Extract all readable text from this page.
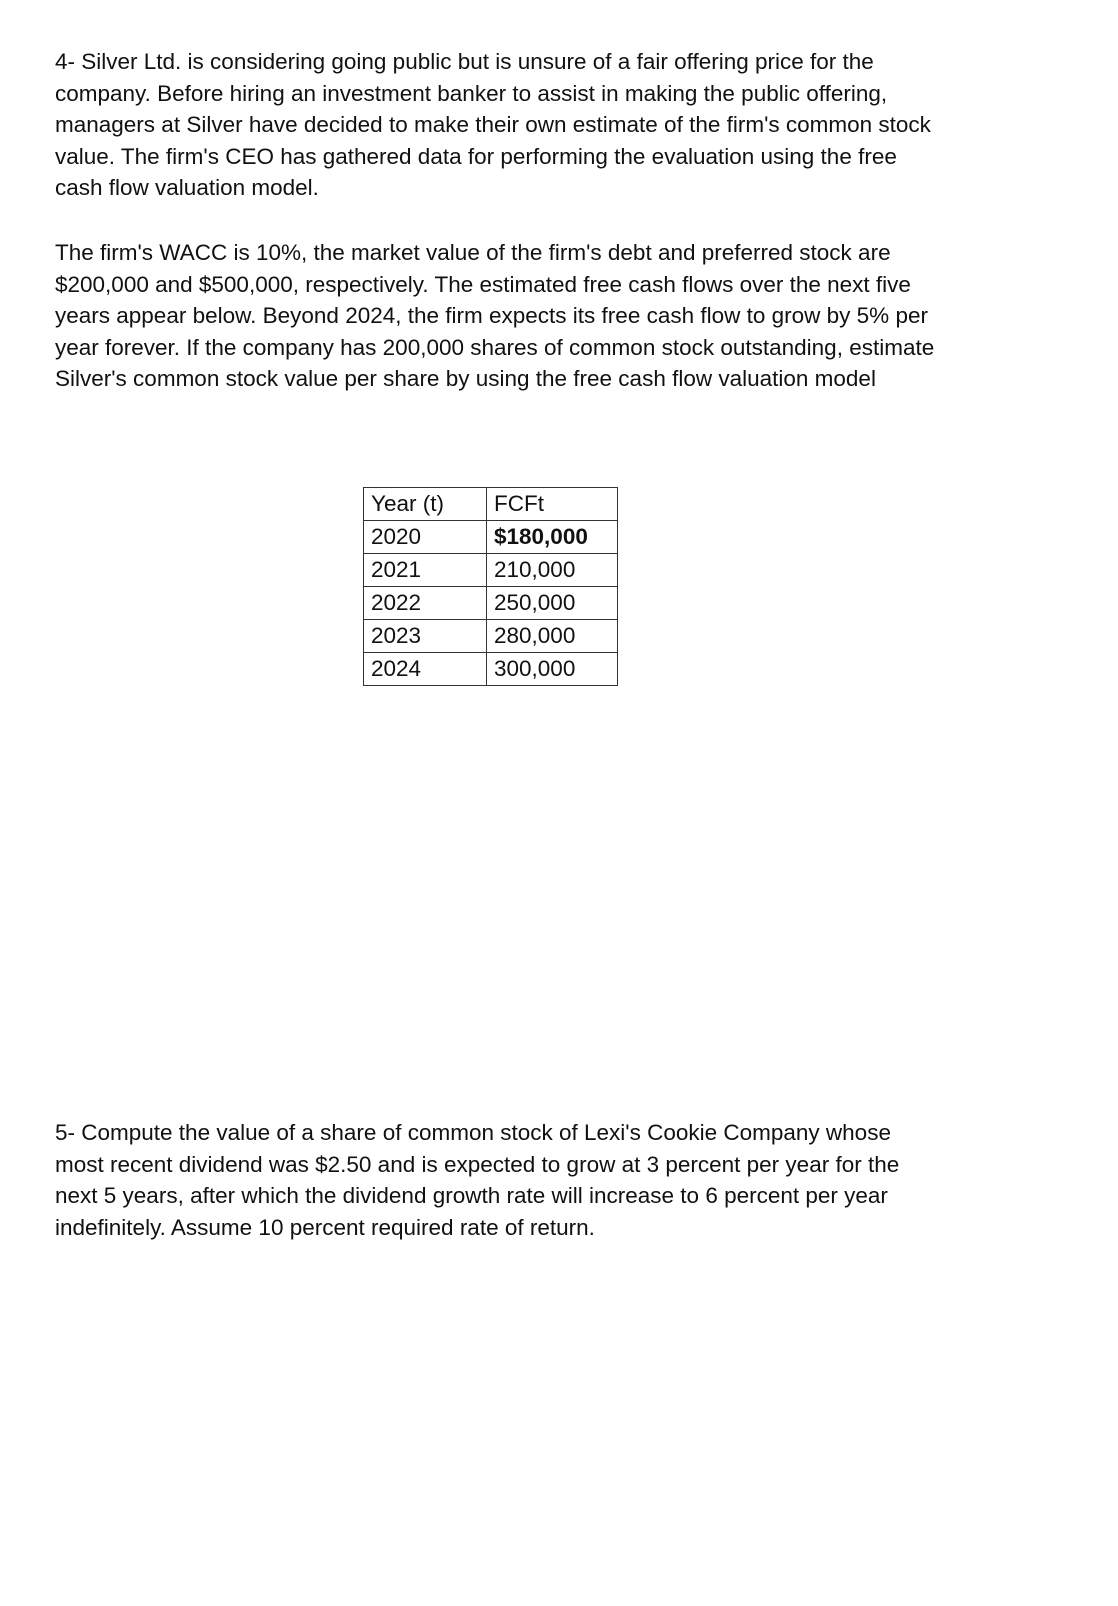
4- Silver Ltd. is considering going public but is unsure of a fair offering price for the
company. Before hiring an investment banker to assist in making the public offering,
managers at Silver have decided to make their own estimate of the firm's common stock
value. The firm's CEO has gathered data for performing the evaluation using the free
cash flow valuation model.

The firm's WACC is 10%, the market value of the firm's debt and preferred stock are
$200,000 and $500,000, respectively. The estimated free cash flows over the next five
years appear below. Beyond 2024, the firm expects its free cash flow to grow by 5% per
year forever. If the company has 200,000 shares of common stock outstanding, estimate
Silver's common stock value per share by using the free cash flow valuation model

Year (t)	FCFt
2020	$180,000
2021	210,000
2022	250,000
2023	280,000
2024	300,000

5- Compute the value of a share of common stock of Lexi's Cookie Company whose
most recent dividend was $2.50 and is expected to grow at 3 percent per year for the
next 5 years, after which the dividend growth rate will increase to 6 percent per year
indefinitely. Assume 10 percent required rate of return.
